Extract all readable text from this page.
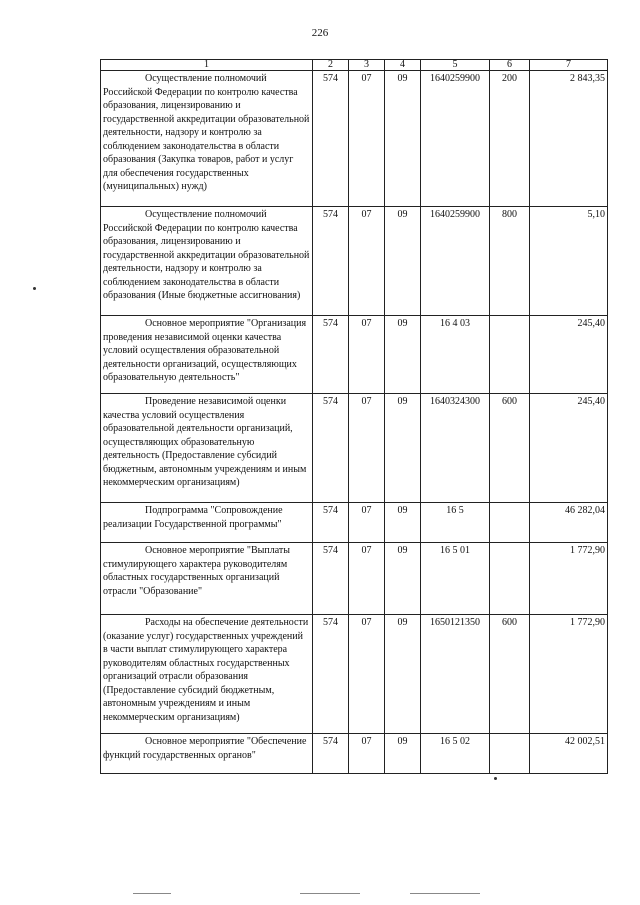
226
1	2	3	4	5	6	7
Осуществление полномочий Российской Федерации по контролю качества образования, лицензированию и государственной аккредитации образовательной деятельности, надзору и контролю за соблюдением законодательства в области образования (Закупка товаров, работ и услуг для обеспечения государственных (муниципальных) нужд)	574	07	09	1640259900	200	2 843,35
Осуществление полномочий Российской Федерации по контролю качества образования, лицензированию и государственной аккредитации образовательной деятельности, надзору и контролю за соблюдением законодательства в области образования (Иные бюджетные ассигнования)	574	07	09	1640259900	800	5,10
Основное мероприятие "Организация проведения независимой оценки качества условий осуществления образовательной деятельности организаций, осуществляющих образовательную деятельность"	574	07	09	16 4 03		245,40
Проведение независимой оценки качества условий осуществления образовательной деятельности организаций, осуществляющих образовательную деятельность (Предоставление субсидий бюджетным, автономным учреждениям и иным некоммерческим организациям)	574	07	09	1640324300	600	245,40
Подпрограмма "Сопровождение реализации Государственной программы"	574	07	09	16 5		46 282,04
Основное мероприятие "Выплаты стимулирующего характера руководителям областных государственных организаций отрасли "Образование"	574	07	09	16 5 01		1 772,90
Расходы на обеспечение деятельности (оказание услуг) государственных учреждений в части выплат стимулирующего характера руководителям областных государственных организаций отрасли образования (Предоставление субсидий бюджетным, автономным учреждениям и иным некоммерческим организациям)	574	07	09	1650121350	600	1 772,90
Основное мероприятие "Обеспечение функций государственных органов"	574	07	09	16 5 02		42 002,51
